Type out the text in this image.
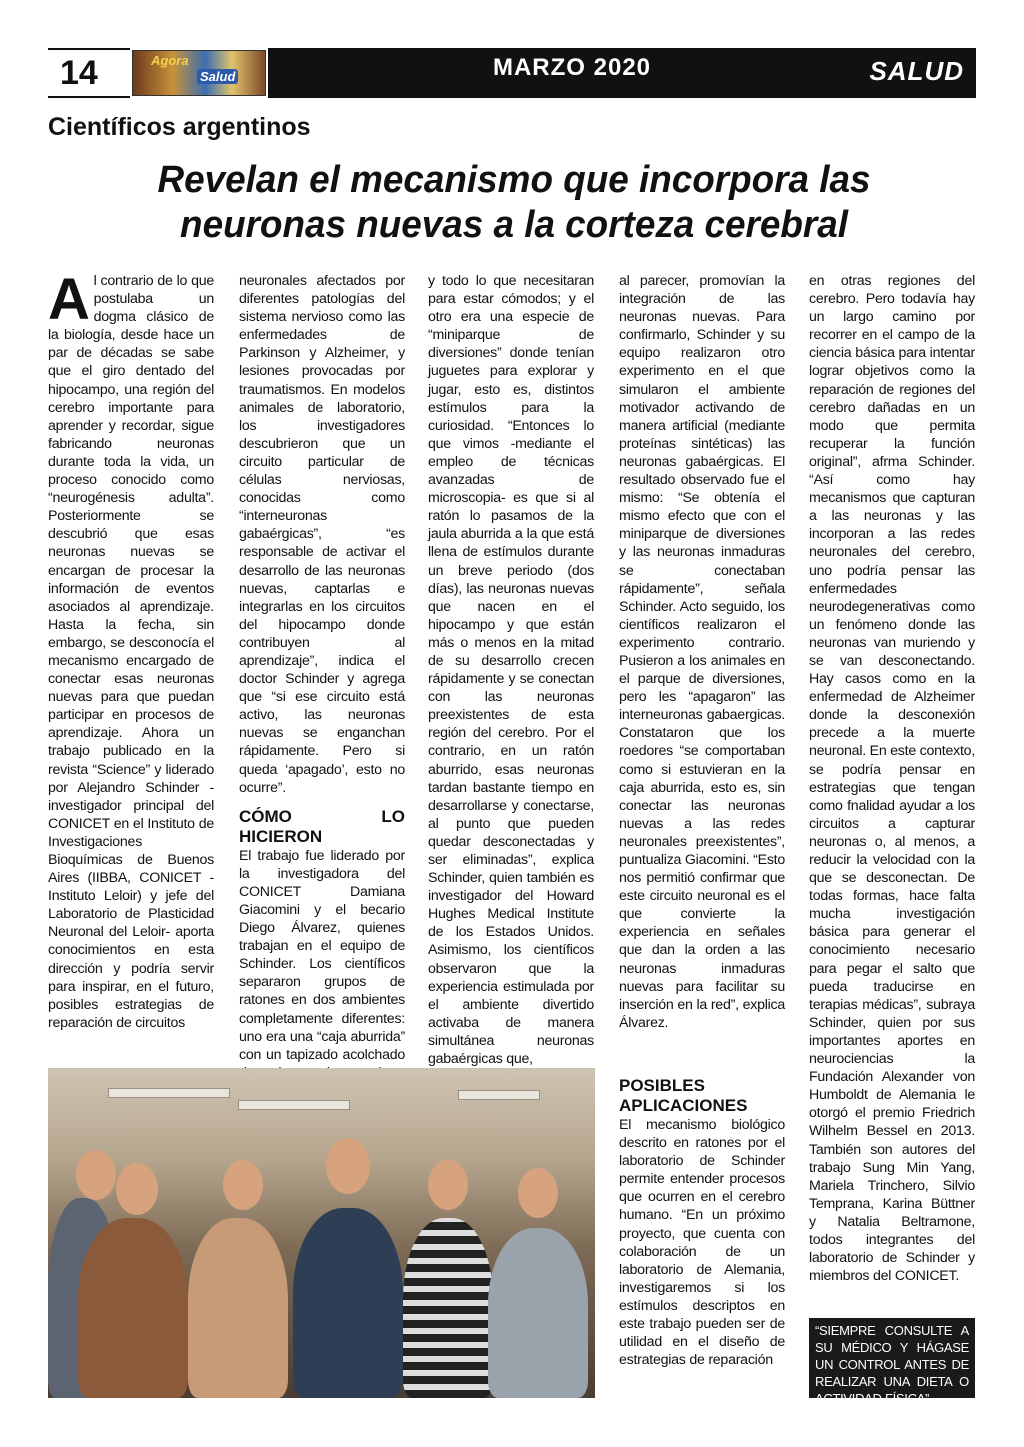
14	Agora
Salud	MARZO 2020	SALUD
Científicos argentinos
Revelan el mecanismo que incorpora las neuronas nuevas a la corteza cerebral

Al contrario de lo que postulaba un dogma clásico de la biología, desde hace un par de décadas se sabe que el giro dentado del hipocampo, una región del cerebro importante para aprender y recordar, sigue fabricando neuronas durante toda la vida, un proceso conocido como “neurogénesis adulta”. Posteriormente se descubrió que esas neuronas nuevas se encargan de procesar la información de eventos asociados al aprendizaje. Hasta la fecha, sin embargo, se desconocía el mecanismo encargado de conectar esas neuronas nuevas para que puedan participar en procesos de aprendizaje. Ahora un trabajo publicado en la revista “Science” y liderado por Alejandro Schinder -investigador principal del CONICET en el Instituto de Investigaciones Bioquímicas de Buenos Aires (IIBBA, CONICET - Instituto Leloir) y jefe del Laboratorio de Plasticidad Neuronal del Leloir- aporta conocimientos en esta dirección y podría servir para inspirar, en el futuro, posibles estrategias de reparación de circuitos

neuronales afectados por diferentes patologías del sistema nervioso como las enfermedades de Parkinson y Alzheimer, y lesiones provocadas por traumatismos. En modelos animales de laboratorio, los investigadores descubrieron que un circuito particular de células nerviosas, conocidas como “interneuronas gabaérgicas”, “es responsable de activar el desarrollo de las neuronas nuevas, captarlas e integrarlas en los circuitos del hipocampo donde contribuyen al aprendizaje”, indica el doctor Schinder y agrega que “si ese circuito está activo, las neuronas nuevas se enganchan rápidamente. Pero si queda ‘apagado’, esto no ocurre”.

CÓMO LO HICIERON

El trabajo fue liderado por la investigadora del CONICET Damiana Giacomini y el becario Diego Álvarez, quienes trabajan en el equipo de Schinder. Los científicos separaron grupos de ratones en dos ambientes completamente diferentes: uno era una “caja aburrida” con un tapizado acolchado

y todo lo que necesitaran para estar cómodos; y el otro era una especie de “miniparque de diversiones” donde tenían juguetes para explorar y jugar, esto es, distintos estímulos para la curiosidad. “Entonces lo que vimos -mediante el empleo de técnicas avanzadas de microscopia- es que si al ratón lo pasamos de la jaula aburrida a la que está llena de estímulos durante un breve periodo (dos días), las neuronas nuevas que nacen en el hipocampo y que están más o menos en la mitad de su desarrollo crecen rápidamente y se conectan con las neuronas preexistentes de esta región del cerebro. Por el contrario, en un ratón aburrido, esas neuronas tardan bastante tiempo en desarrollarse y conectarse, al punto que pueden quedar desconectadas y ser eliminadas”, explica Schinder, quien también es investigador del Howard Hughes Medical Institute de los Estados Unidos. Asimismo, los científicos observaron que la experiencia estimulada por el ambiente divertido activaba de manera simultánea neuronas gabaérgicas que,

al parecer, promovían la integración de las neuronas nuevas. Para confirmarlo, Schinder y su equipo realizaron otro experimento en el que simularon el ambiente motivador activando de manera artificial (mediante proteínas sintéticas) las neuronas gabaérgicas. El resultado observado fue el mismo: “Se obtenía el mismo efecto que con el miniparque de diversiones y las neuronas inmaduras se conectaban rápidamente”, señala Schinder. Acto seguido, los científicos realizaron el experimento contrario. Pusieron a los animales en el parque de diversiones, pero les “apagaron” las interneuronas gabaergicas. Constataron que los roedores “se comportaban como si estuvieran en la caja aburrida, esto es, sin conectar las neuronas nuevas a las redes neuronales preexistentes”, puntualiza Giacomini. “Esto nos permitió confirmar que este circuito neuronal es el que convierte la experiencia en señales que dan la orden a las neuronas inmaduras nuevas para facilitar su inserción en la red”, explica Álvarez.

POSIBLES APLICACIONES

El mecanismo biológico descrito en ratones por el laboratorio de Schinder permite entender procesos que ocurren en el cerebro humano. “En un próximo proyecto, que cuenta con colaboración de un laboratorio de Alemania, investigaremos si los estímulos descriptos en este trabajo pueden ser de utilidad en el diseño de estrategias de reparación

en otras regiones del cerebro. Pero todavía hay un largo camino por recorrer en el campo de la ciencia básica para intentar lograr objetivos como la reparación de regiones del cerebro dañadas en un modo que permita recuperar la función original”, afrma Schinder. “Así como hay mecanismos que capturan a las neuronas y las incorporan a las redes neuronales del cerebro, uno podría pensar las enfermedades neurodegenerativas como un fenómeno donde las neuronas van muriendo y se van desconectando. Hay casos como en la enfermedad de Alzheimer donde la desconexión precede a la muerte neuronal. En este contexto, se podría pensar en estrategias que tengan como fnalidad ayudar a los circuitos a capturar neuronas o, al menos, a reducir la velocidad con la que se desconectan. De todas formas, hace falta mucha investigación básica para generar el conocimiento necesario para pegar el salto que pueda traducirse en terapias médicas”, subraya Schinder, quien por sus importantes aportes en neurociencias la Fundación Alexander von Humboldt de Alemania le otorgó el premio Friedrich Wilhelm Bessel en 2013. También son autores del trabajo Sung Min Yang, Mariela Trinchero, Silvio Temprana, Karina Büttner y Natalia Beltramone, todos integrantes del laboratorio de Schinder y miembros del CONICET.

“SIEMPRE CONSULTE A SU MÉDICO Y HÁGASE UN CONTROL ANTES DE REALIZAR UNA DIETA O ACTIVIDAD FÍSICA”
